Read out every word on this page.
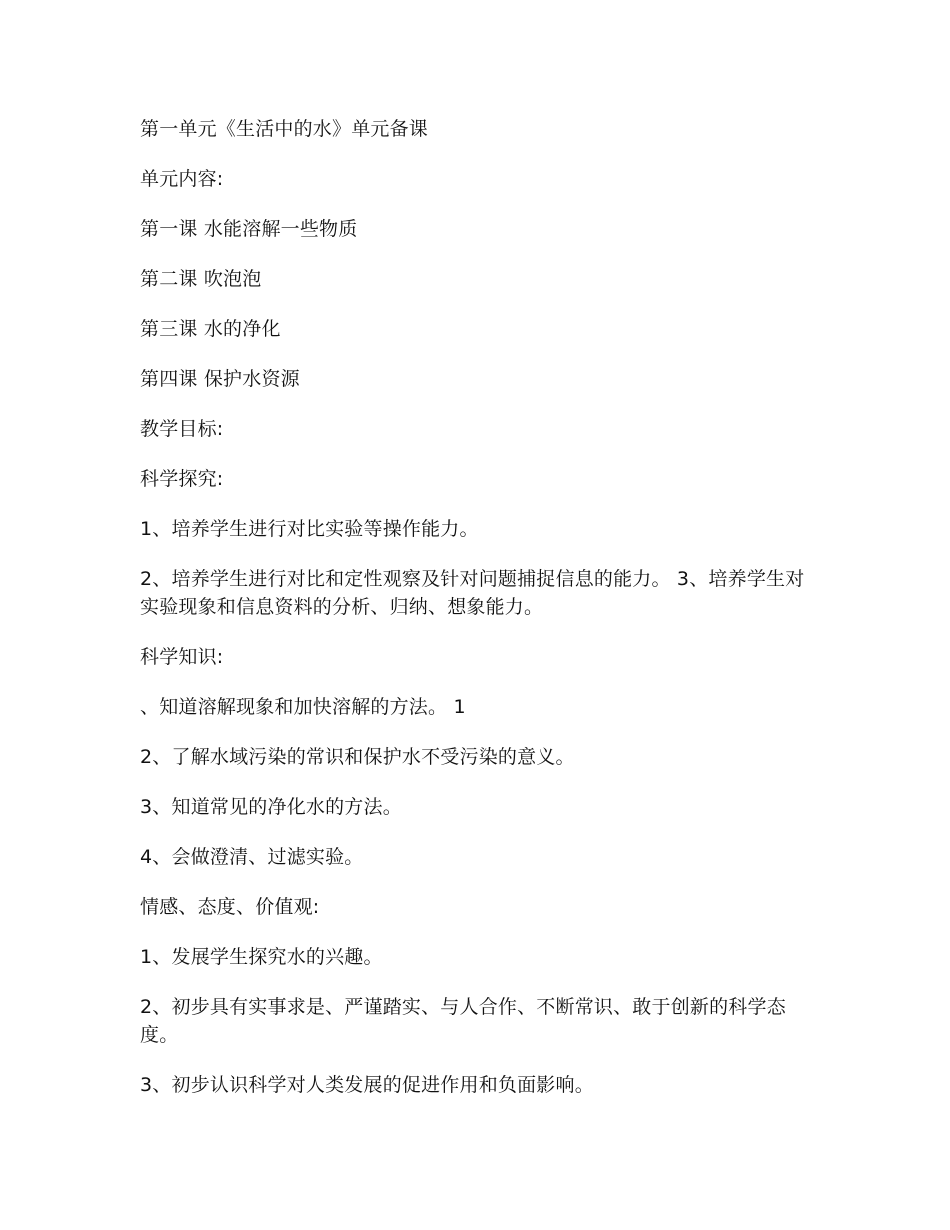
第一单元《生活中的水》单元备课

单元内容:

第一课 水能溶解一些物质

第二课 吹泡泡

第三课 水的净化

第四课 保护水资源

教学目标:

科学探究:

1、培养学生进行对比实验等操作能力。

2、培养学生进行对比和定性观察及针对问题捕捉信息的能力。 3、培养学生对实验现象和信息资料的分析、归纳、想象能力。

科学知识:

、知道溶解现象和加快溶解的方法。 1

2、了解水域污染的常识和保护水不受污染的意义。

3、知道常见的净化水的方法。

4、会做澄清、过滤实验。

情感、态度、价值观:

1、发展学生探究水的兴趣。

2、初步具有实事求是、严谨踏实、与人合作、不断常识、敢于创新的科学态度。

3、初步认识科学对人类发展的促进作用和负面影响。
